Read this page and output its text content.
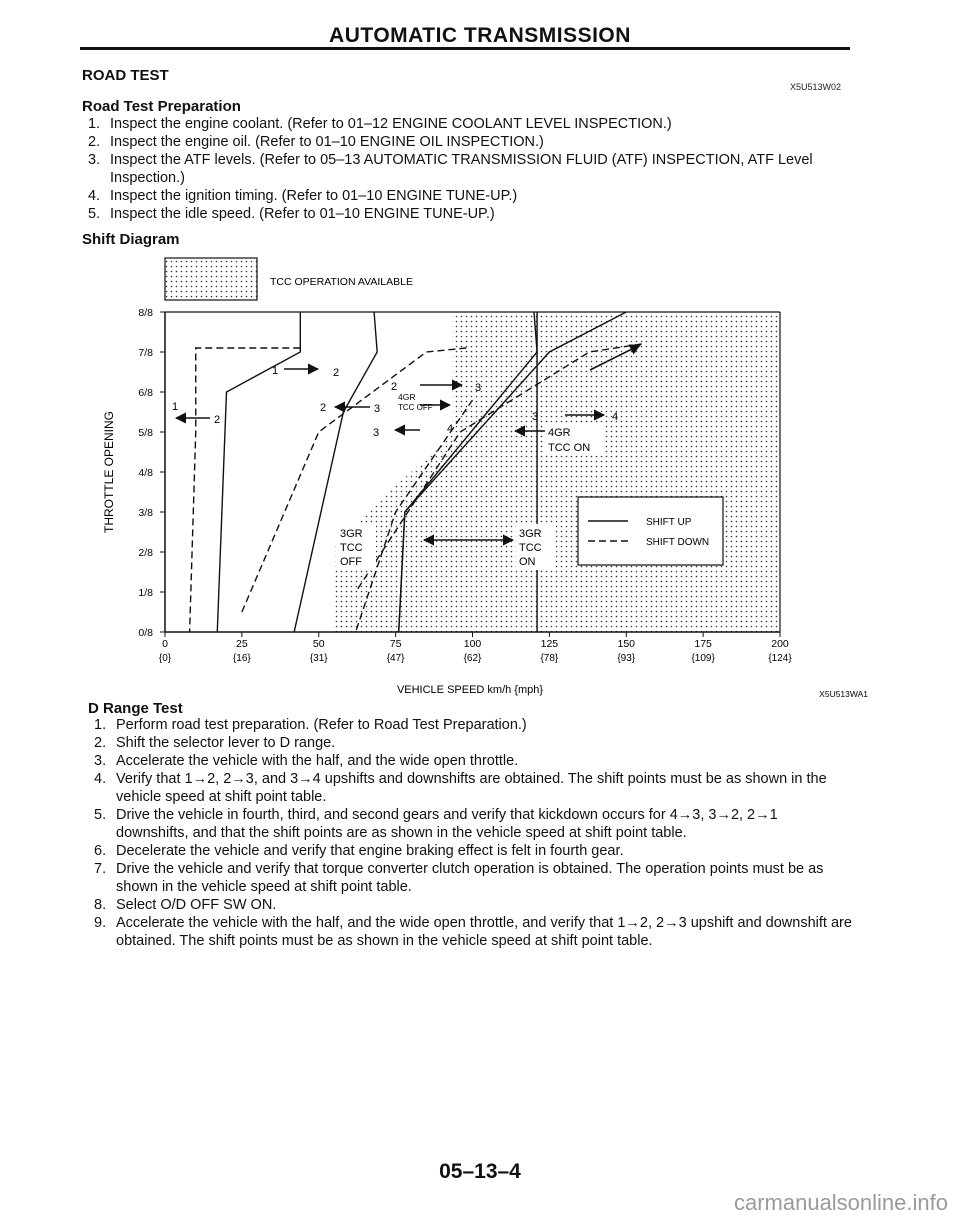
AUTOMATIC TRANSMISSION
ROAD TEST
X5U513W02
Road Test Preparation
1. Inspect the engine coolant. (Refer to 01–12 ENGINE COOLANT LEVEL INSPECTION.)
2. Inspect the engine oil. (Refer to 01–10 ENGINE OIL INSPECTION.)
3. Inspect the ATF levels. (Refer to 05–13 AUTOMATIC TRANSMISSION FLUID (ATF) INSPECTION, ATF Level Inspection.)
4. Inspect the ignition timing. (Refer to 01–10 ENGINE TUNE-UP.)
5. Inspect the idle speed. (Refer to 01–10 ENGINE TUNE-UP.)
Shift Diagram
TCC OPERATION AVAILABLE
0
{0}
25
{16}
50
{31}
75
{47}
100
{62}
125
{78}
150
{93}
175
{109}
200
{124}
0/8
1/8
2/8
3/8
4/8
5/8
6/8
7/8
8/8
THROTTLE OPENING
VEHICLE SPEED km/h {mph}	X5U513WA1
1	2
1
2
2	3
2	3
4GR
TCC OFF
3	4
3	4
4GR
TCC ON
3GR
TCC
OFF
3GR
TCC
ON
SHIFT UP
SHIFT DOWN
D Range Test
1. Perform road test preparation. (Refer to Road Test Preparation.)
2. Shift the selector lever to D range.
3. Accelerate the vehicle with the half, and the wide open throttle.
4. Verify that 1→2, 2→3, and 3→4 upshifts and downshifts are obtained. The shift points must be as shown in the vehicle speed at shift point table.
5. Drive the vehicle in fourth, third, and second gears and verify that kickdown occurs for 4→3, 3→2, 2→1 downshifts, and that the shift points are as shown in the vehicle speed at shift point table.
6. Decelerate the vehicle and verify that engine braking effect is felt in fourth gear.
7. Drive the vehicle and verify that torque converter clutch operation is obtained. The operation points must be as shown in the vehicle speed at shift point table.
8. Select O/D OFF SW ON.
9. Accelerate the vehicle with the half, and the wide open throttle, and verify that 1→2, 2→3 upshift and downshift are obtained. The shift points must be as shown in the vehicle speed at shift point table.
05–13–4
carmanualsonline.info
